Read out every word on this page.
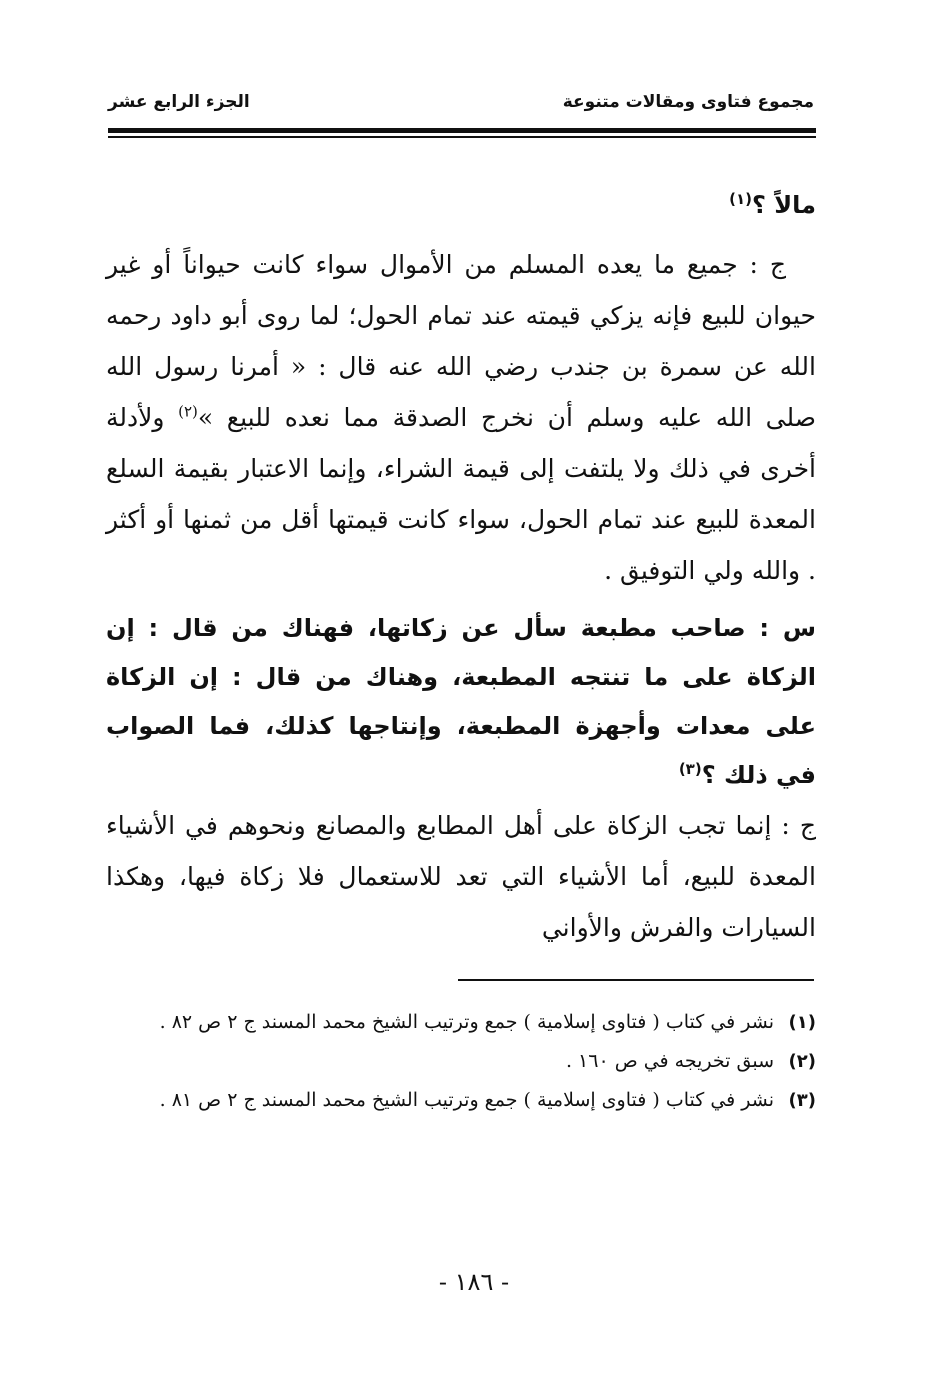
مجموع فتاوى ومقالات متنوعة
الجزء الرابع عشر

مالاً ؟$^{(١)}$

ج : جميع ما يعده المسلم من الأموال سواء كانت حيواناً أو غير حيوان للبيع فإنه يزكي قيمته عند تمام الحول؛ لما روى أبو داود رحمه الله عن سمرة بن جندب رضي الله عنه قال : « أمرنا رسول الله صلى الله عليه وسلم أن نخرج الصدقة مما نعده للبيع »$^{(٢)}$ ولأدلة أخرى في ذلك ولا يلتفت إلى قيمة الشراء، وإنما الاعتبار بقيمة السلع المعدة للبيع عند تمام الحول، سواء كانت قيمتها أقل من ثمنها أو أكثر . والله ولي التوفيق .

س : صاحب مطبعة سأل عن زكاتها، فهناك من قال : إن الزكاة على ما تنتجه المطبعة، وهناك من قال : إن الزكاة على معدات وأجهزة المطبعة، وإنتاجها كذلك، فما الصواب في ذلك ؟$^{(٣)}$

ج : إنما تجب الزكاة على أهل المطابع والمصانع ونحوهم في الأشياء المعدة للبيع، أما الأشياء التي تعد للاستعمال فلا زكاة فيها، وهكذا السيارات والفرش والأواني

(١)
نشر في كتاب ( فتاوى إسلامية ) جمع وترتيب الشيخ محمد المسند ج ٢ ص ٨٢ .

(٢)
سبق تخريجه في ص ١٦٠ .

(٣)
نشر في كتاب ( فتاوى إسلامية ) جمع وترتيب الشيخ محمد المسند ج ٢ ص ٨١ .

- ١٨٦ -
